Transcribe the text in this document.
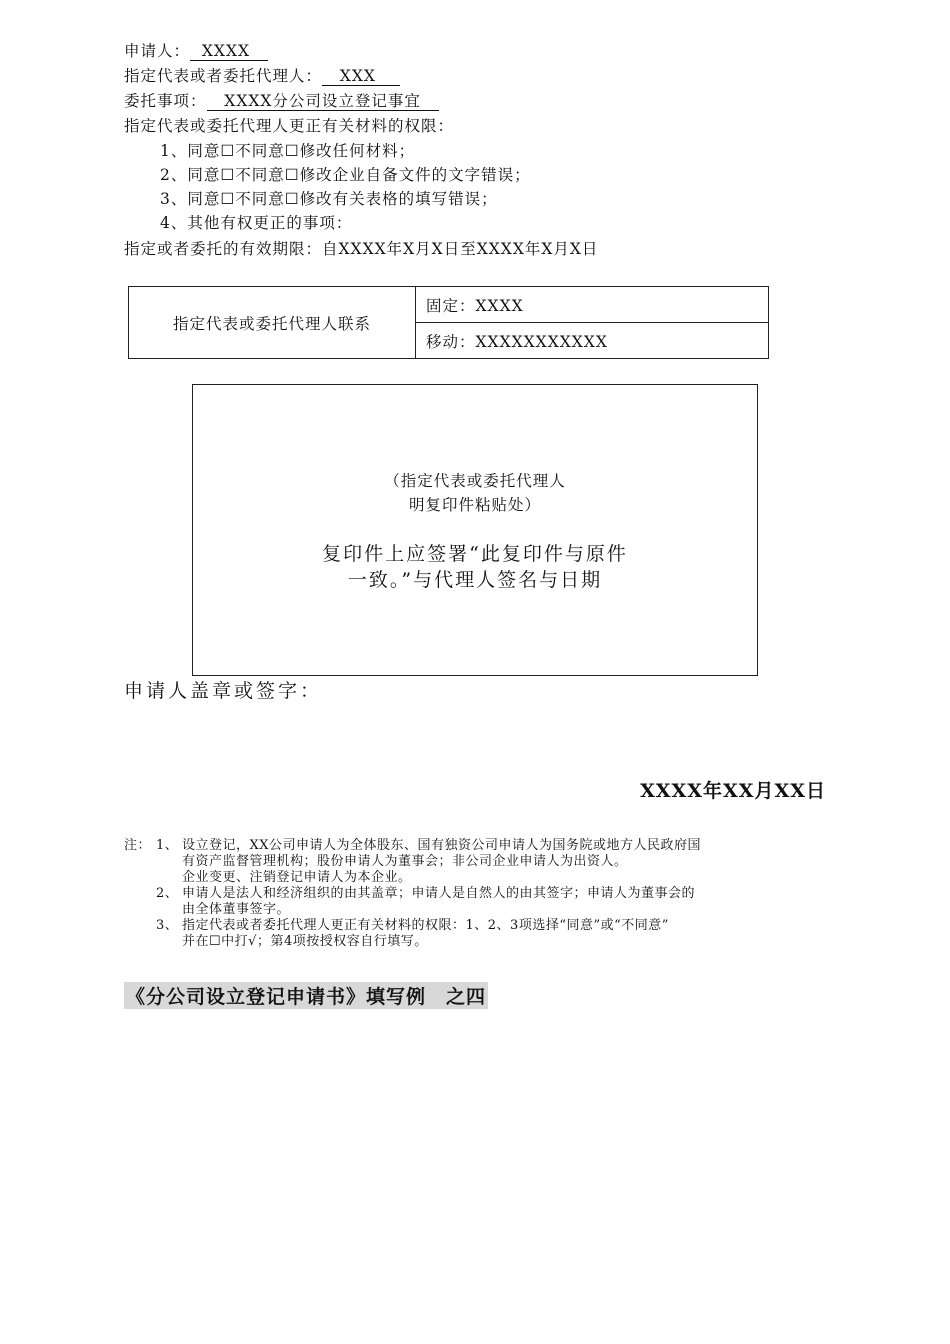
申请人： XXXX
指定代表或者委托代理人： XXX
委托事项： XXXX分公司设立登记事宜
指定代表或委托代理人更正有关材料的权限：
1、同意☐不同意☐修改任何材料；
2、同意☐不同意☐修改企业自备文件的文字错误；
3、同意☐不同意☐修改有关表格的填写错误；
4、其他有权更正的事项：
指定或者委托的有效期限：自XXXX年X月X日至XXXX年X月X日
指定代表或委托代理人联系	固定：XXXX
移动：XXXXXXXXXXX
（指定代表或委托代理人
明复印件粘贴处）
复印件上应签署“此复印件与原件
一致。”与代理人签名与日期
申请人盖章或签字：
XXXX年XX月XX日
注： 1、 设立登记，XX公司申请人为全体股东、国有独资公司申请人为国务院或地方人民政府国
有资产监督管理机构；股份申请人为董事会；非公司企业申请人为出资人。
企业变更、注销登记申请人为本企业。
2、 申请人是法人和经济组织的由其盖章；申请人是自然人的由其签字；申请人为董事会的
由全体董事签字。
3、 指定代表或者委托代理人更正有关材料的权限：1、2、3项选择“同意”或“不同意”
并在☐中打√；第4项按授权容自行填写。
《分公司设立登记申请书》填写例　之四
